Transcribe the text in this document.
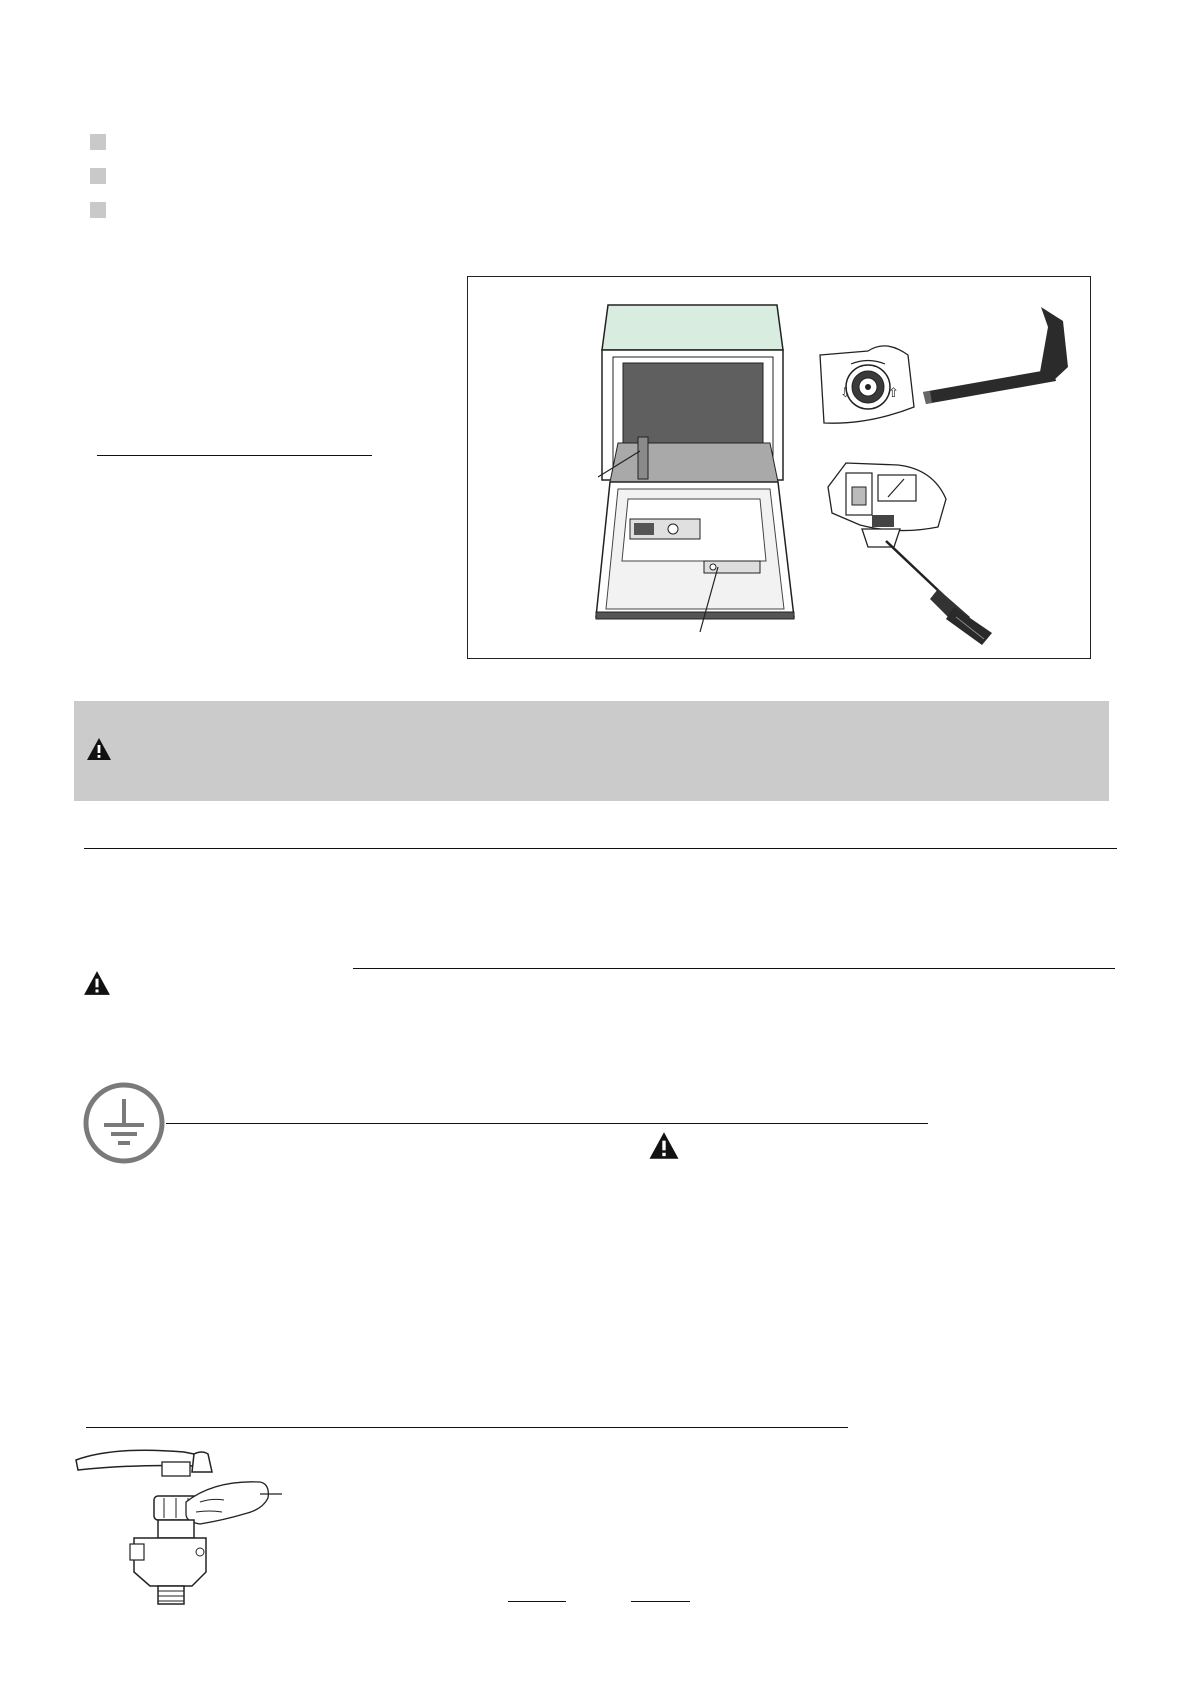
⇩	⇧
